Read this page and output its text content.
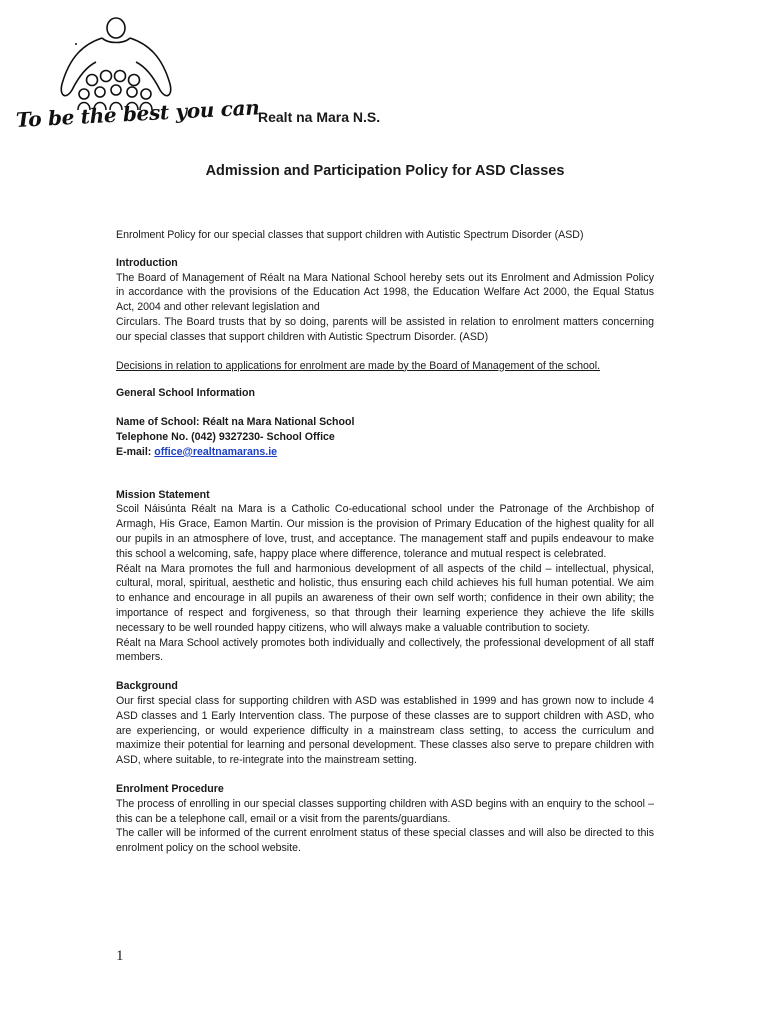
To be the best you can
Realt na Mara N.S.
Admission and Participation Policy for ASD Classes

Enrolment Policy for our special classes that support children with Autistic Spectrum Disorder (ASD)

Introduction

The Board of Management of Réalt na Mara National School hereby sets out its Enrolment and Admission Policy in accordance with the provisions of the Education Act 1998, the Education Welfare Act 2000, the Equal Status Act, 2004 and other relevant legislation and

Circulars. The Board trusts that by so doing, parents will be assisted in relation to enrolment matters concerning our special classes that support children with Autistic Spectrum Disorder. (ASD)

Decisions in relation to applications for enrolment are made by the Board of Management of the school.

General School Information

Name of School: Réalt na Mara National School

Telephone No. (042) 9327230- School Office

E-mail: office@realtnamarans.ie

Mission Statement

Scoil Náisúnta Réalt na Mara is a Catholic Co-educational school under the Patronage of the Archbishop of Armagh, His Grace, Eamon Martin. Our mission is the provision of Primary Education of the highest quality for all our pupils in an atmosphere of love, trust, and acceptance. The management staff and pupils endeavour to make this school a welcoming, safe, happy place where difference, tolerance and mutual respect is celebrated.

Réalt na Mara promotes the full and harmonious development of all aspects of the child – intellectual, physical, cultural, moral, spiritual, aesthetic and holistic, thus ensuring each child achieves his full human potential. We aim to enhance and encourage in all pupils an awareness of their own self worth; confidence in their own ability; the importance of respect and forgiveness, so that through their learning experience they achieve the life skills necessary to be well rounded happy citizens, who will always make a valuable contribution to society.

Réalt na Mara School actively promotes both individually and collectively, the professional development of all staff members.

Background

Our first special class for supporting children with ASD was established in 1999 and has grown now to include 4 ASD classes and 1 Early Intervention class. The purpose of these classes are to support children with ASD, who are experiencing, or would experience difficulty in a mainstream class setting, to access the curriculum and maximize their potential for learning and personal development. These classes also serve to prepare children with ASD, where suitable, to re-integrate into the mainstream setting.

Enrolment Procedure

The process of enrolling in our special classes supporting children with ASD begins with an enquiry to the school – this can be a telephone call, email or a visit from the parents/guardians.

The caller will be informed of the current enrolment status of these special classes and will also be directed to this enrolment policy on the school website.

1
